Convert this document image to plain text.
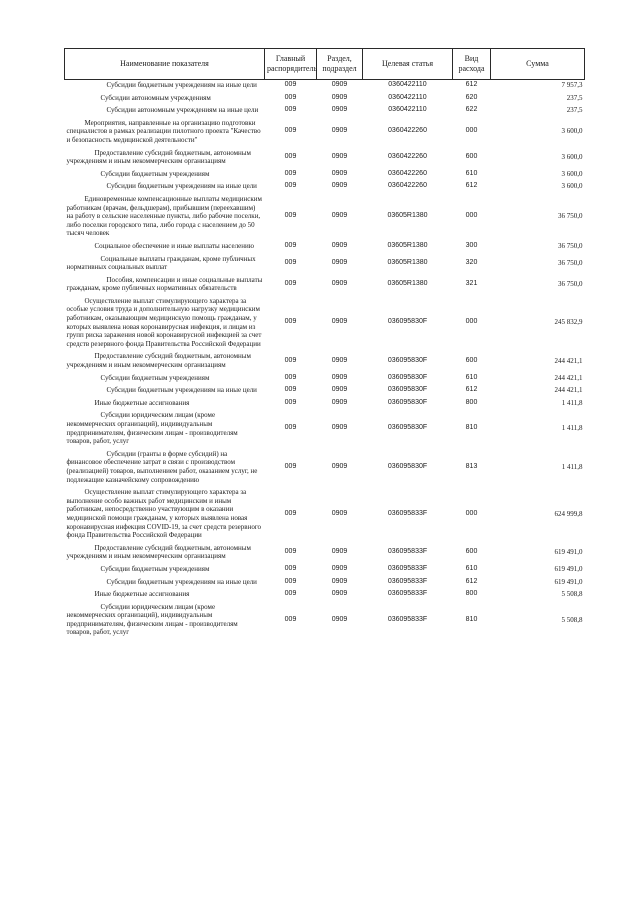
Наименование показателя	Главный распорядитель	Раздел, подраздел	Целевая статья	Вид расхода	Сумма
Субсидии бюджетным учреждениям на иные цели	009	0909	0360422110	612	7 957,3
Субсидии автономным учреждениям	009	0909	0360422110	620	237,5
Субсидии автономным учреждениям на иные цели	009	0909	0360422110	622	237,5
Мероприятия, направленные на организацию подготовки специалистов в рамках реализации пилотного проекта "Качество и безопасность медицинской деятельности"	009	0909	0360422260	000	3 600,0
Предоставление субсидий бюджетным, автономным учреждениям и иным некоммерческим организациям	009	0909	0360422260	600	3 600,0
Субсидии бюджетным учреждениям	009	0909	0360422260	610	3 600,0
Субсидии бюджетным учреждениям на иные цели	009	0909	0360422260	612	3 600,0
Единовременные компенсационные выплаты медицинским работникам (врачам, фельдшерам), прибывшим (переехавшим) на работу в сельские населенные пункты, либо рабочие поселки, либо поселки городского типа, либо города с населением до 50 тысяч человек	009	0909	03605R1380	000	36 750,0
Социальное обеспечение и иные выплаты населению	009	0909	03605R1380	300	36 750,0
Социальные выплаты гражданам, кроме публичных нормативных социальных выплат	009	0909	03605R1380	320	36 750,0
Пособия, компенсации и иные социальные выплаты гражданам, кроме публичных нормативных обязательств	009	0909	03605R1380	321	36 750,0
Осуществление выплат стимулирующего характера за особые условия труда и дополнительную нагрузку медицинским работникам, оказывающим медицинскую помощь гражданам, у которых выявлена новая коронавирусная инфекция, и лицам из групп риска заражения новой коронавирусной инфекцией за счет средств резервного фонда Правительства Российской Федерации	009	0909	036095830F	000	245 832,9
Предоставление субсидий бюджетным, автономным учреждениям и иным некоммерческим организациям	009	0909	036095830F	600	244 421,1
Субсидии бюджетным учреждениям	009	0909	036095830F	610	244 421,1
Субсидии бюджетным учреждениям на иные цели	009	0909	036095830F	612	244 421,1
Иные бюджетные ассигнования	009	0909	036095830F	800	1 411,8
Субсидии юридическим лицам (кроме некоммерческих организаций), индивидуальным предпринимателям, физическим лицам - производителям товаров, работ, услуг	009	0909	036095830F	810	1 411,8
Субсидии (гранты в форме субсидий) на финансовое обеспечение затрат в связи с производством (реализацией) товаров, выполнением работ, оказанием услуг, не подлежащие казначейскому сопровождению	009	0909	036095830F	813	1 411,8
Осуществление выплат стимулирующего характера за выполнение особо важных работ медицинским и иным работникам, непосредственно участвующим в оказании медицинской помощи гражданам, у которых выявлена новая коронавирусная инфекция COVID-19, за счет средств резервного фонда Правительства Российской Федерации	009	0909	036095833F	000	624 999,8
Предоставление субсидий бюджетным, автономным учреждениям и иным некоммерческим организациям	009	0909	036095833F	600	619 491,0
Субсидии бюджетным учреждениям	009	0909	036095833F	610	619 491,0
Субсидии бюджетным учреждениям на иные цели	009	0909	036095833F	612	619 491,0
Иные бюджетные ассигнования	009	0909	036095833F	800	5 508,8
Субсидии юридическим лицам (кроме некоммерческих организаций), индивидуальным предпринимателям, физическим лицам - производителям товаров, работ, услуг	009	0909	036095833F	810	5 508,8
